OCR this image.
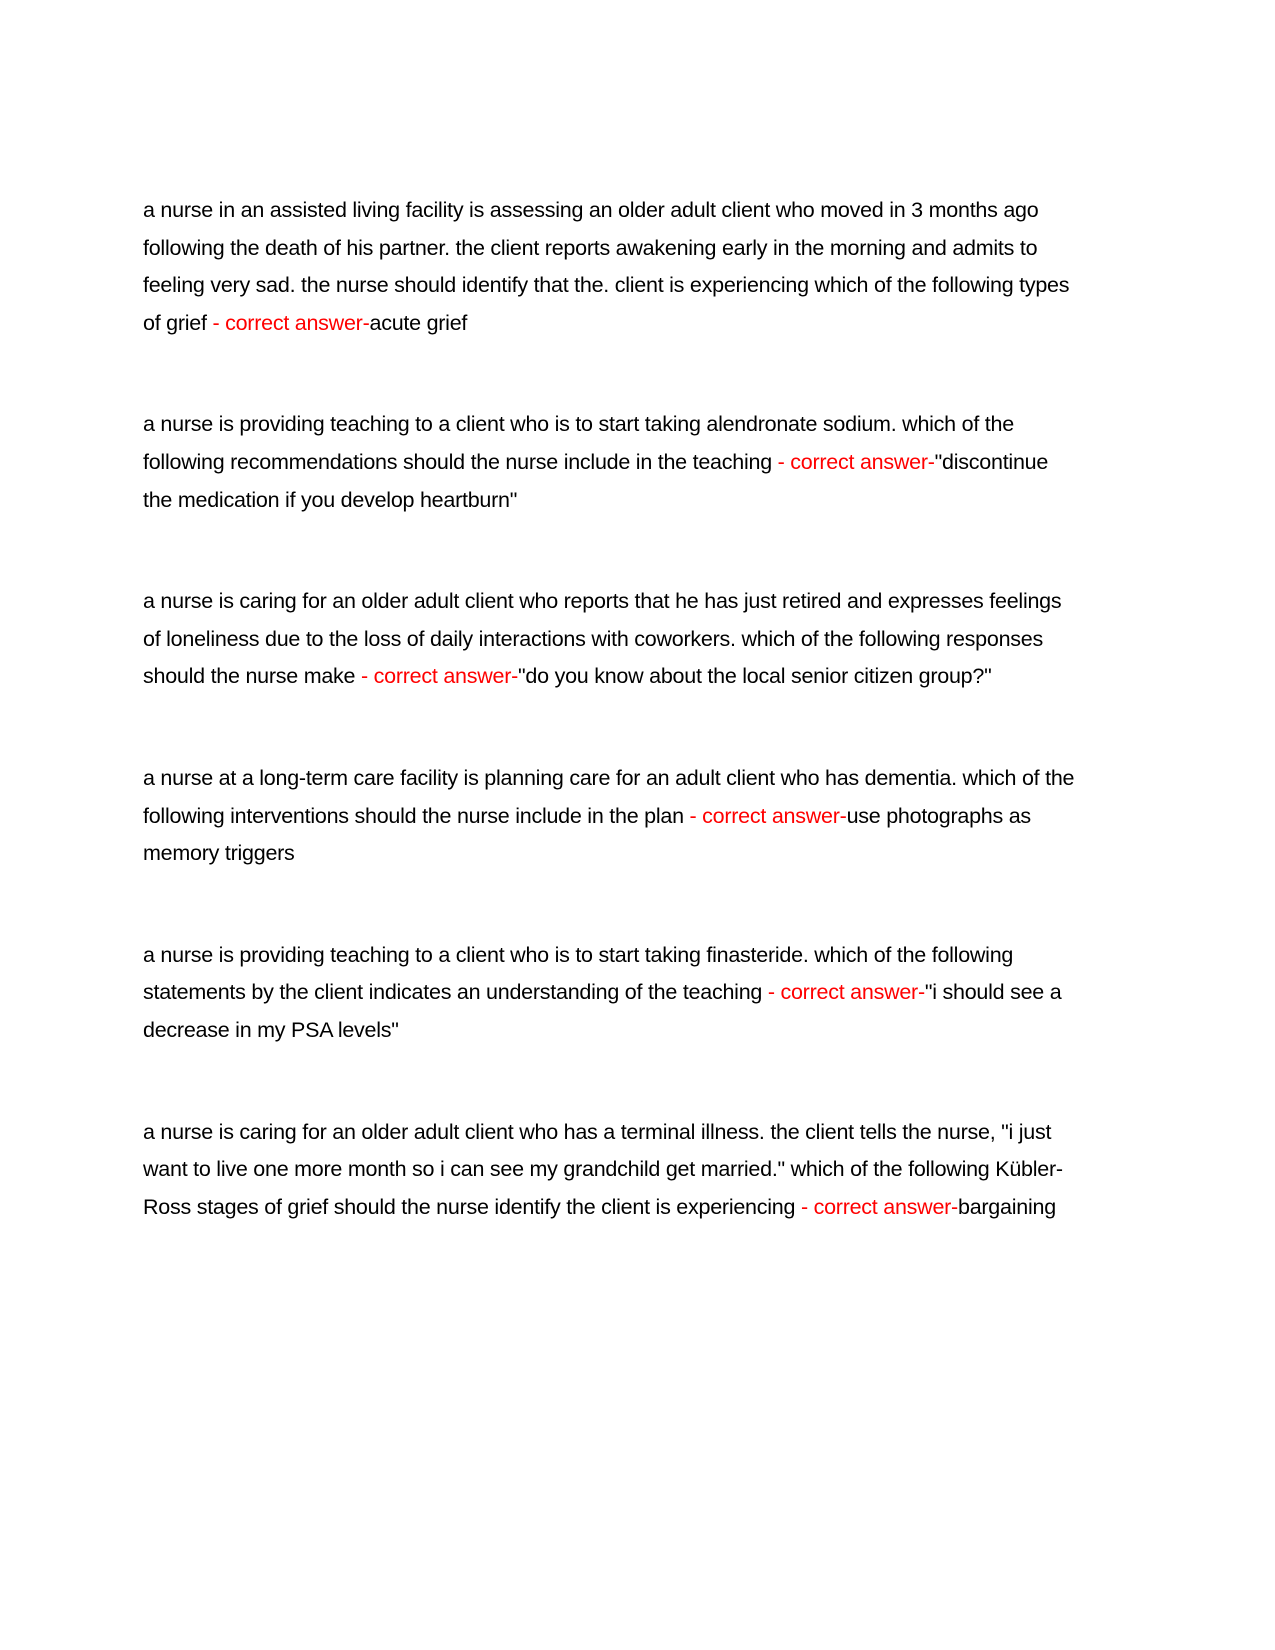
a nurse in an assisted living facility is assessing an older adult client who moved in 3 months ago following the death of his partner. the client reports awakening early in the morning and admits to feeling very sad. the nurse should identify that the. client is experiencing which of the following types of grief - correct answer-acute grief

a nurse is providing teaching to a client who is to start taking alendronate sodium. which of the following recommendations should the nurse include in the teaching - correct answer-"discontinue the medication if you develop heartburn"

a nurse is caring for an older adult client who reports that he has just retired and expresses feelings of loneliness due to the loss of daily interactions with coworkers. which of the following responses should the nurse make - correct answer-"do you know about the local senior citizen group?"

a nurse at a long-term care facility is planning care for an adult client who has dementia. which of the following interventions should the nurse include in the plan - correct answer-use photographs as memory triggers

a nurse is providing teaching to a client who is to start taking finasteride. which of the following statements by the client indicates an understanding of the teaching - correct answer-"i should see a decrease in my PSA levels"

a nurse is caring for an older adult client who has a terminal illness. the client tells the nurse, "i just want to live one more month so i can see my grandchild get married." which of the following Kübler-Ross stages of grief should the nurse identify the client is experiencing - correct answer-bargaining
